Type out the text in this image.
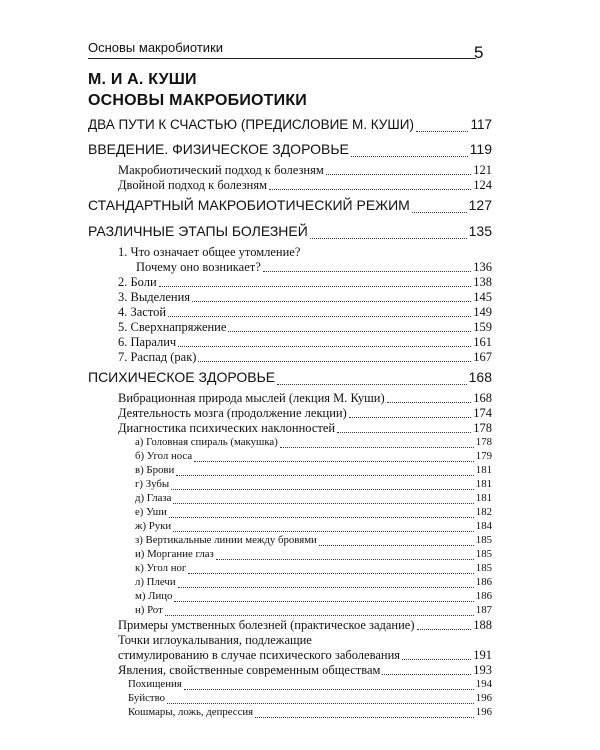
Основы макробиотики	5
М. И А. КУШИ
ОСНОВЫ МАКРОБИОТИКИ
ДВА ПУТИ К СЧАСТЬЮ (ПРЕДИСЛОВИЕ М. КУШИ)	117
ВВЕДЕНИЕ. ФИЗИЧЕСКОЕ ЗДОРОВЬЕ	119
Макробиотический подход к болезням	121
Двойной подход к болезням	124
СТАНДАРТНЫЙ МАКРОБИОТИЧЕСКИЙ РЕЖИМ	127
РАЗЛИЧНЫЕ ЭТАПЫ БОЛЕЗНЕЙ	135
1. Что означает общее утомление?
Почему оно возникает?	136
2. Боли	138
3. Выделения	145
4. Застой	149
5. Сверхнапряжение	159
6. Паралич	161
7. Распад (рак)	167
ПСИХИЧЕСКОЕ ЗДОРОВЬЕ	168
Вибрационная природа мыслей (лекция М. Куши)	168
Деятельность мозга (продолжение лекции)	174
Диагностика психических наклонностей	178
а) Головная спираль (макушка)	178
б) Угол носа	179
в) Брови	181
г) Зубы	181
д) Глаза	181
е) Уши	182
ж) Руки	184
з) Вертикальные линии между бровями	185
и) Моргание глаз	185
к) Угол ног	185
л) Плечи	186
м) Лицо	186
н) Рот	187
Примеры умственных болезней (практическое задание)	188
Точки иглоукалывания, подлежащие
стимулированию в случае психического заболевания	191
Явления, свойственные современным обществам	193
Похищения	194
Буйство	196
Кошмары, ложь, депрессия	196
